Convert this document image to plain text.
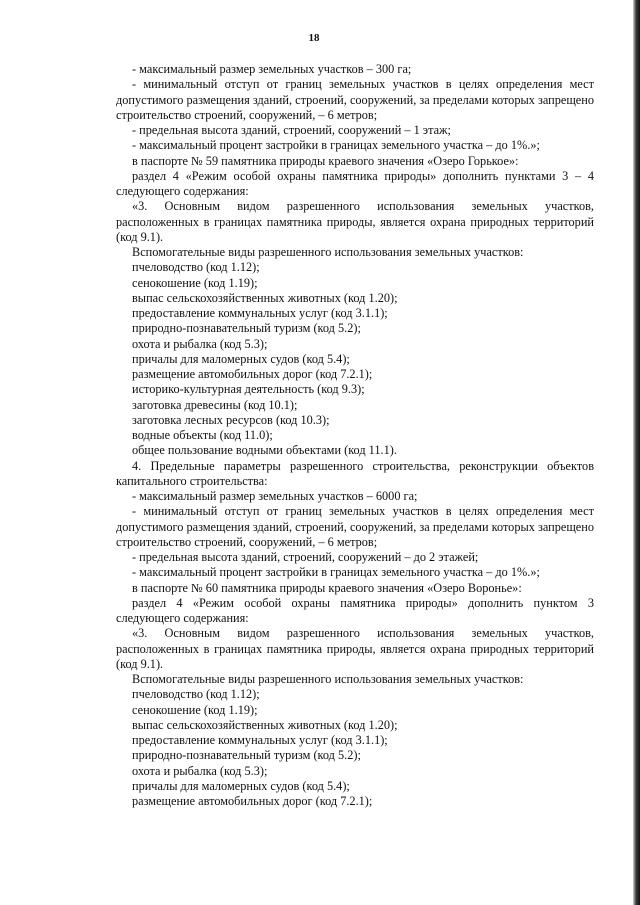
18

- максимальный размер земельных участков – 300 га;

- минимальный отступ от границ земельных участков в целях определения мест допустимого размещения зданий, строений, сооружений, за пределами которых запрещено строительство строений, сооружений, – 6 метров;

- предельная высота зданий, строений, сооружений – 1 этаж;

- максимальный процент застройки в границах земельного участка – до 1%.»;

в паспорте № 59 памятника природы краевого значения «Озеро Горькое»:

раздел 4 «Режим особой охраны памятника природы» дополнить пунктами 3 – 4 следующего содержания:

«3. Основным видом разрешенного использования земельных участков, расположенных в границах памятника природы, является охрана природных территорий (код 9.1).

Вспомогательные виды разрешенного использования земельных участков:

пчеловодство (код 1.12);

сенокошение (код 1.19);

выпас сельскохозяйственных животных (код 1.20);

предоставление коммунальных услуг (код 3.1.1);

природно-познавательный туризм (код 5.2);

охота и рыбалка (код 5.3);

причалы для маломерных судов (код 5.4);

размещение автомобильных дорог (код 7.2.1);

историко-культурная деятельность (код 9.3);

заготовка древесины (код 10.1);

заготовка лесных ресурсов (код 10.3);

водные объекты (код 11.0);

общее пользование водными объектами (код 11.1).

4. Предельные параметры разрешенного строительства, реконструкции объектов капитального строительства:

- максимальный размер земельных участков – 6000 га;

- минимальный отступ от границ земельных участков в целях определения мест допустимого размещения зданий, строений, сооружений, за пределами которых запрещено строительство строений, сооружений, – 6 метров;

- предельная высота зданий, строений, сооружений – до 2 этажей;

- максимальный процент застройки в границах земельного участка – до 1%.»;

в паспорте № 60 памятника природы краевого значения «Озеро Воронье»:

раздел 4 «Режим особой охраны памятника природы» дополнить пунктом 3 следующего содержания:

«3. Основным видом разрешенного использования земельных участков, расположенных в границах памятника природы, является охрана природных территорий (код 9.1).

Вспомогательные виды разрешенного использования земельных участков:

пчеловодство (код 1.12);

сенокошение (код 1.19);

выпас сельскохозяйственных животных (код 1.20);

предоставление коммунальных услуг (код 3.1.1);

природно-познавательный туризм (код 5.2);

охота и рыбалка (код 5.3);

причалы для маломерных судов (код 5.4);

размещение автомобильных дорог (код 7.2.1);
